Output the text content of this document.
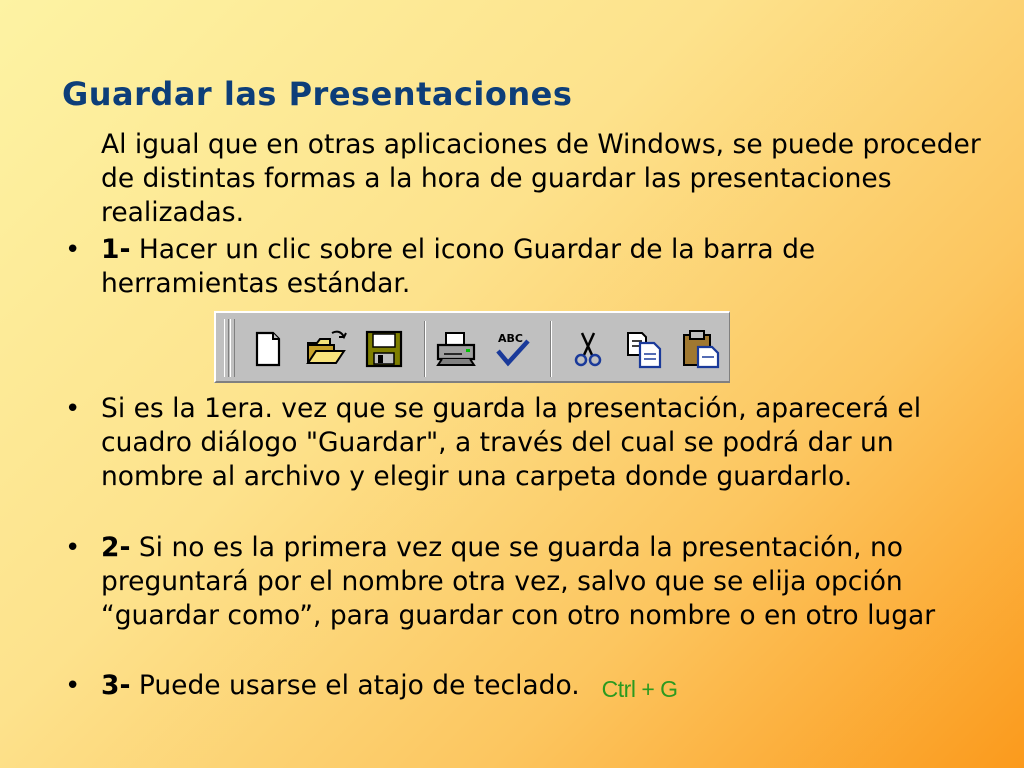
Guardar las Presentaciones
Al igual que en otras aplicaciones de Windows, se puede proceder de distintas formas a la hora de guardar las presentaciones realizadas.
• 1- Hacer un clic sobre el icono Guardar de la barra de herramientas estándar.
ABC
• Si es la 1era. vez que se guarda la presentación, aparecerá el cuadro diálogo "Guardar", a través del cual se podrá dar un nombre al archivo y elegir una carpeta donde guardarlo.
• 2- Si no es la primera vez que se guarda la presentación, no preguntará por el nombre otra vez, salvo que se elija opción “guardar como”, para guardar con otro nombre o en otro lugar
• 3- Puede usarse el atajo de teclado. Ctrl + G
